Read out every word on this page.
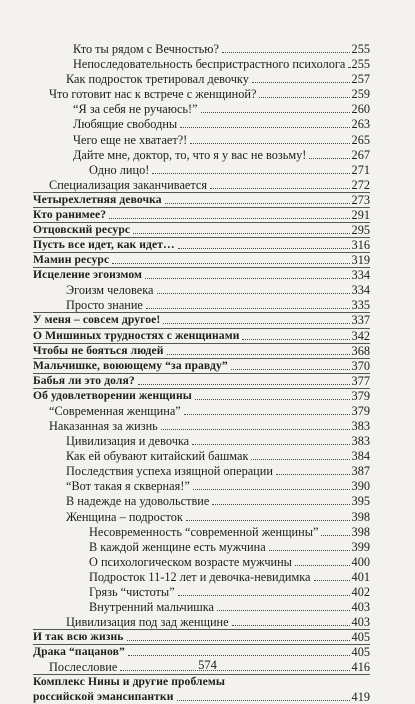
Кто ты рядом с Вечностью?	255
Непоследовательность беспристрастного психолога 255
Как подросток третировал девочку	257
Что готовит нас к встрече с женщиной?	259
“Я за себя не ручаюсь!”	260
Любящие свободны	263
Чего еще не хватает?!	265
Дайте мне, доктор, то, что я у вас не возьму!	267
Одно лицо!	271
Специализация заканчивается	272
Четырехлетняя девочка	273
Кто ранимее?	291
Отцовский ресурс	295
Пусть все идет, как идет…	316
Мамин ресурс	319
Исцеление эгоизмом	334
Эгоизм человека	334
Просто знание	335
У меня – совсем другое!	337
О Мишиных трудностях с женщинами	342
Чтобы не бояться людей	368
Мальчишке, воюющему “за правду”	370
Бабья ли это доля?	377
Об удовлетворении женщины	379
“Современная женщина”	379
Наказанная за жизнь	383
Цивилизация и девочка	383
Как ей обувают китайский башмак	384
Последствия успеха изящной операции	387
“Вот такая я скверная!”	390
В надежде на удовольствие	395
Женщина – подросток	398
Несовременность “современной женщины”	398
В каждой женщине есть мужчина	399
О психологическом возрасте мужчины	400
Подросток 11-12 лет и девочка-невидимка	401
Грязь “чистоты”	402
Внутренний мальчишка	403
Цивилизация под зад женщине	403
И так всю жизнь	405
Драка “пацанов”	405
Послесловие	416
Комплекс Нины и другие проблемы
российской эмансипантки	419
574
